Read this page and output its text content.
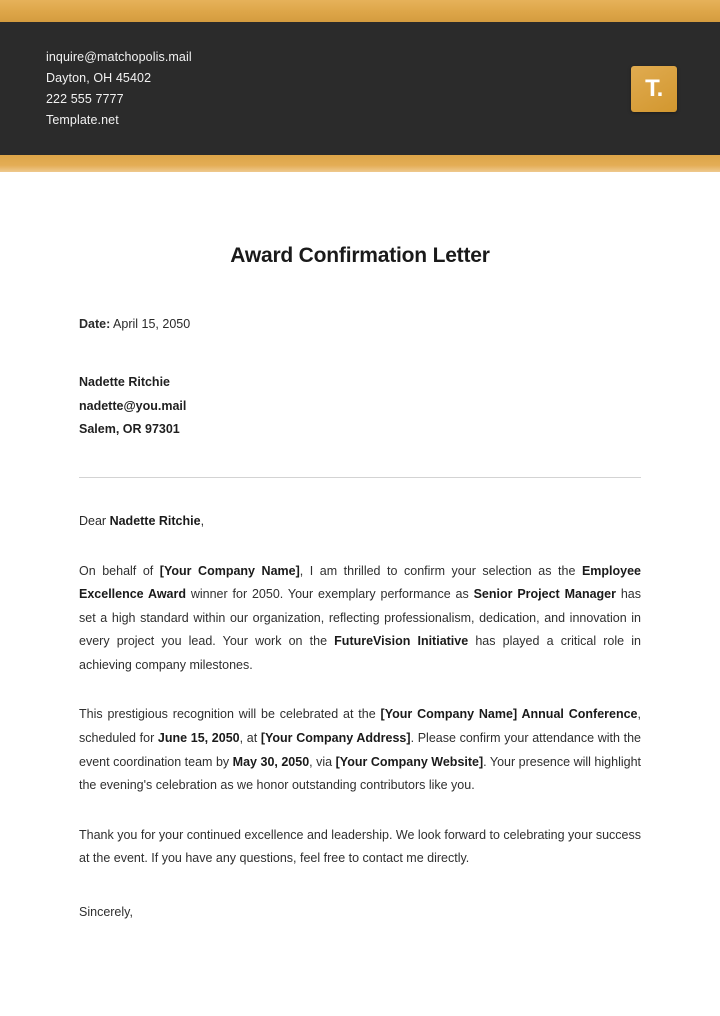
inquire@matchopolis.mail
Dayton, OH 45402
222 555 7777
Template.net
T.
Award Confirmation Letter
Date: April 15, 2050
Nadette Ritchie
nadette@you.mail
Salem, OR 97301
Dear Nadette Ritchie,
On behalf of [Your Company Name], I am thrilled to confirm your selection as the Employee Excellence Award winner for 2050. Your exemplary performance as Senior Project Manager has set a high standard within our organization, reflecting professionalism, dedication, and innovation in every project you lead. Your work on the FutureVision Initiative has played a critical role in achieving company milestones.
This prestigious recognition will be celebrated at the [Your Company Name] Annual Conference, scheduled for June 15, 2050, at [Your Company Address]. Please confirm your attendance with the event coordination team by May 30, 2050, via [Your Company Website]. Your presence will highlight the evening's celebration as we honor outstanding contributors like you.
Thank you for your continued excellence and leadership. We look forward to celebrating your success at the event. If you have any questions, feel free to contact me directly.
Sincerely,
